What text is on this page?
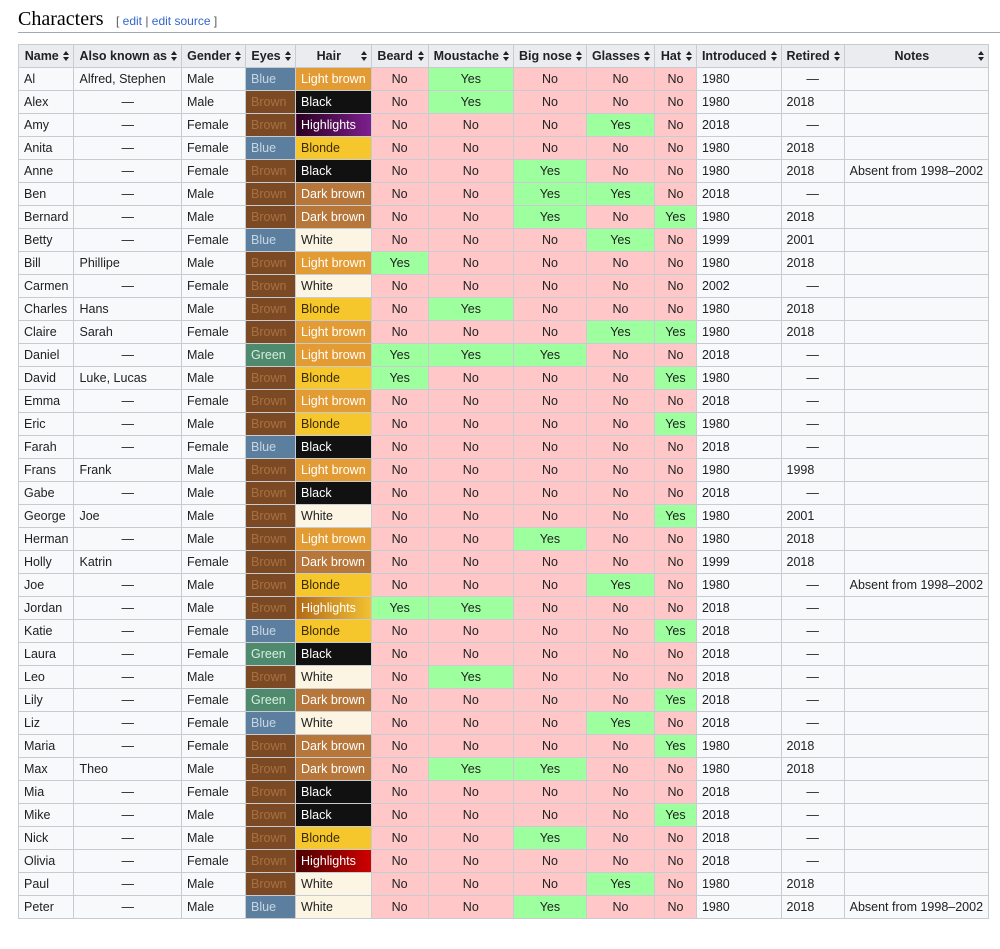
Characters [ edit | edit source ]
Name	Also known as	Gender	Eyes	Hair	Beard	Moustache	Big nose	Glasses	Hat	Introduced	Retired	Notes

Al	Alfred, Stephen	Male	Blue	Light brown	No	Yes	No	No	No	1980	—	
Alex	—	Male	Brown	Black	No	Yes	No	No	No	1980	2018	
Amy	—	Female	Brown	Highlights	No	No	No	Yes	No	2018	—	
Anita	—	Female	Blue	Blonde	No	No	No	No	No	1980	2018	
Anne	—	Female	Brown	Black	No	No	Yes	No	No	1980	2018	Absent from 1998–2002
Ben	—	Male	Brown	Dark brown	No	No	Yes	Yes	No	2018	—	
Bernard	—	Male	Brown	Dark brown	No	No	Yes	No	Yes	1980	2018	
Betty	—	Female	Blue	White	No	No	No	Yes	No	1999	2001	
Bill	Phillipe	Male	Brown	Light brown	Yes	No	No	No	No	1980	2018	
Carmen	—	Female	Brown	White	No	No	No	No	No	2002	—	
Charles	Hans	Male	Brown	Blonde	No	Yes	No	No	No	1980	2018	
Claire	Sarah	Female	Brown	Light brown	No	No	No	Yes	Yes	1980	2018	
Daniel	—	Male	Green	Light brown	Yes	Yes	Yes	No	No	2018	—	
David	Luke, Lucas	Male	Brown	Blonde	Yes	No	No	No	Yes	1980	—	
Emma	—	Female	Brown	Light brown	No	No	No	No	No	2018	—	
Eric	—	Male	Brown	Blonde	No	No	No	No	Yes	1980	—	
Farah	—	Female	Blue	Black	No	No	No	No	No	2018	—	
Frans	Frank	Male	Brown	Light brown	No	No	No	No	No	1980	1998	
Gabe	—	Male	Brown	Black	No	No	No	No	No	2018	—	
George	Joe	Male	Brown	White	No	No	No	No	Yes	1980	2001	
Herman	—	Male	Brown	Light brown	No	No	Yes	No	No	1980	2018	
Holly	Katrin	Female	Brown	Dark brown	No	No	No	No	No	1999	2018	
Joe	—	Male	Brown	Blonde	No	No	No	Yes	No	1980	—	Absent from 1998–2002
Jordan	—	Male	Brown	Highlights	Yes	Yes	No	No	No	2018	—	
Katie	—	Female	Blue	Blonde	No	No	No	No	Yes	2018	—	
Laura	—	Female	Green	Black	No	No	No	No	No	2018	—	
Leo	—	Male	Brown	White	No	Yes	No	No	No	2018	—	
Lily	—	Female	Green	Dark brown	No	No	No	No	Yes	2018	—	
Liz	—	Female	Blue	White	No	No	No	Yes	No	2018	—	
Maria	—	Female	Brown	Dark brown	No	No	No	No	Yes	1980	2018	
Max	Theo	Male	Brown	Dark brown	No	Yes	Yes	No	No	1980	2018	
Mia	—	Female	Brown	Black	No	No	No	No	No	2018	—	
Mike	—	Male	Brown	Black	No	No	No	No	Yes	2018	—	
Nick	—	Male	Brown	Blonde	No	No	Yes	No	No	2018	—	
Olivia	—	Female	Brown	Highlights	No	No	No	No	No	2018	—	
Paul	—	Male	Brown	White	No	No	No	Yes	No	1980	2018	
Peter	—	Male	Blue	White	No	No	Yes	No	No	1980	2018	Absent from 1998–2002
